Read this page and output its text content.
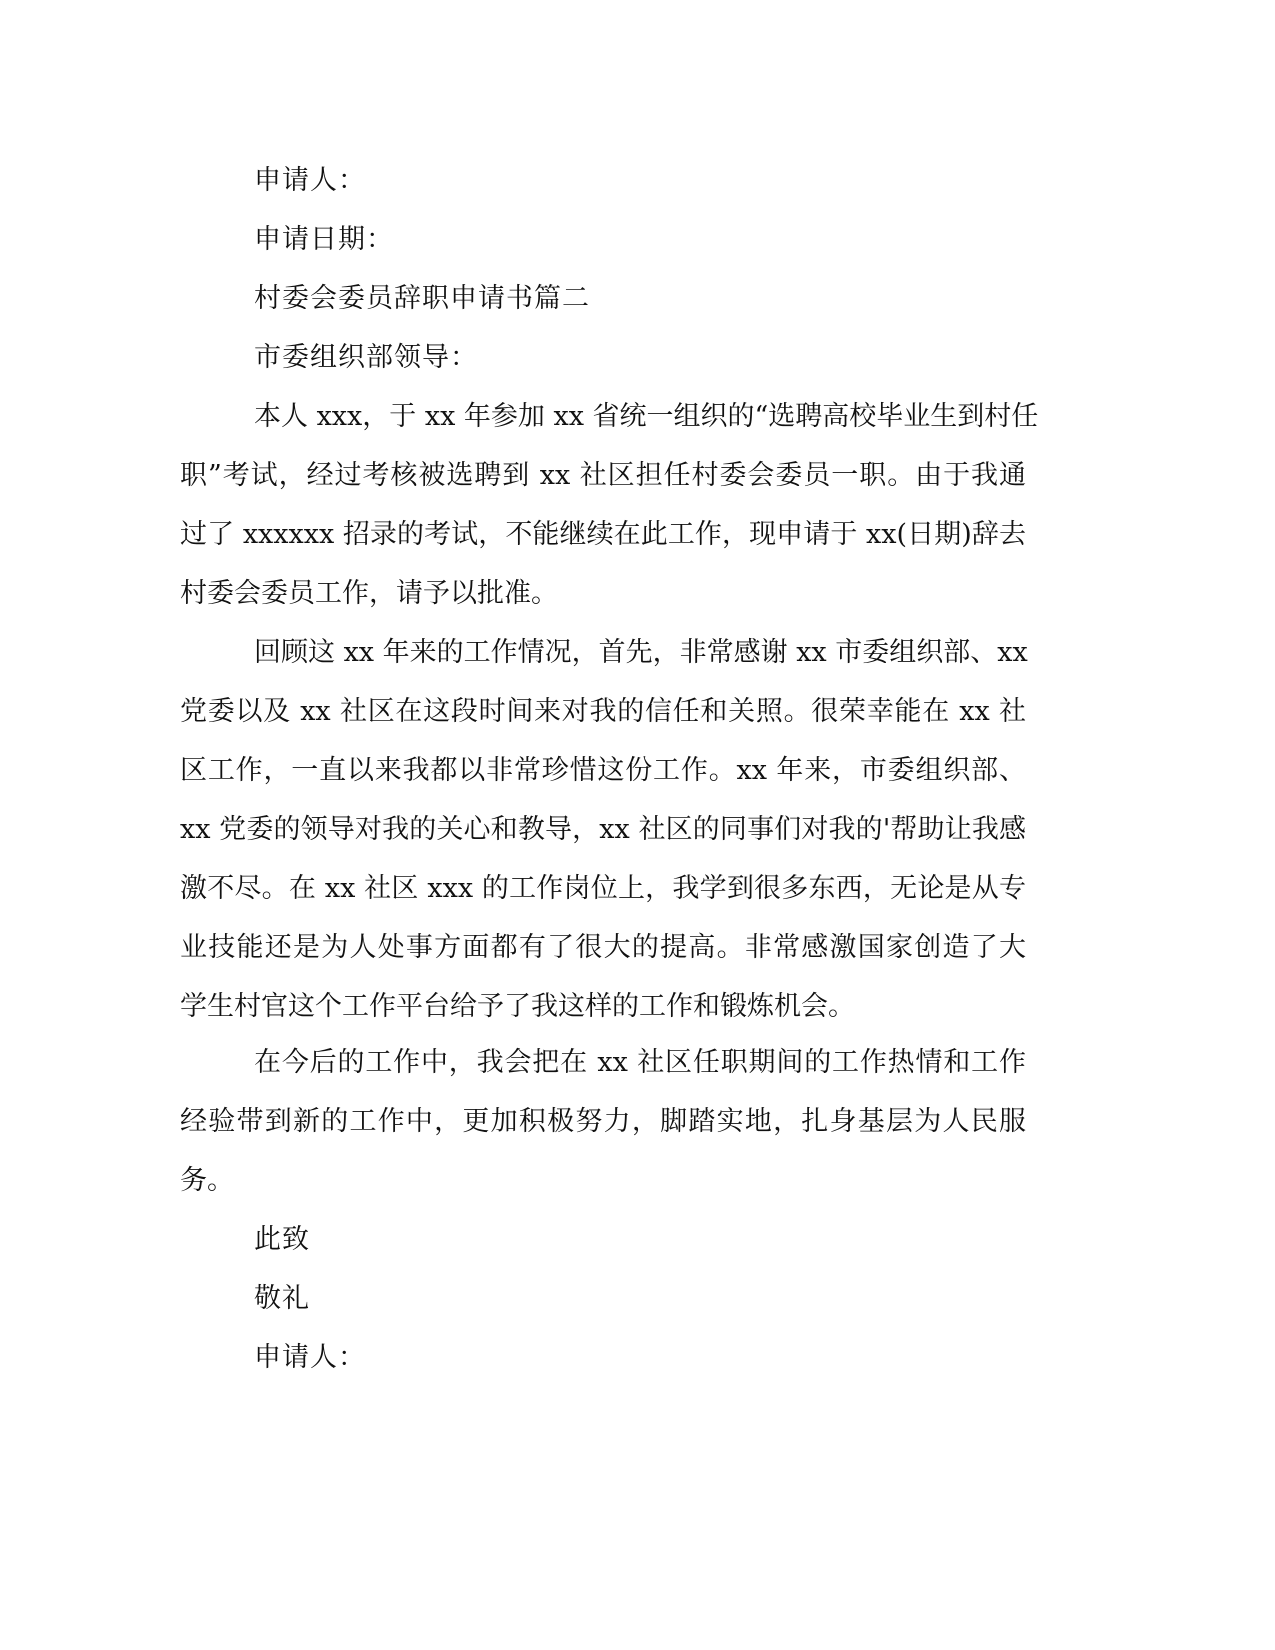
申请人：
申请日期：
村委会委员辞职申请书篇二
市委组织部领导：
本人 xxx，于 xx 年参加 xx 省统一组织的“选聘高校毕业生到村任
职”考试，经过考核被选聘到 xx 社区担任村委会委员一职。由于我通
过了 xxxxxx 招录的考试，不能继续在此工作，现申请于 xx(日期)辞去
村委会委员工作，请予以批准。
回顾这 xx 年来的工作情况，首先，非常感谢 xx 市委组织部、xx
党委以及 xx 社区在这段时间来对我的信任和关照。很荣幸能在 xx 社
区工作，一直以来我都以非常珍惜这份工作。xx 年来，市委组织部、
xx 党委的领导对我的关心和教导，xx 社区的同事们对我的'帮助让我感
激不尽。在 xx 社区 xxx 的工作岗位上，我学到很多东西，无论是从专
业技能还是为人处事方面都有了很大的提高。非常感激国家创造了大
学生村官这个工作平台给予了我这样的工作和锻炼机会。
在今后的工作中，我会把在 xx 社区任职期间的工作热情和工作
经验带到新的工作中，更加积极努力，脚踏实地，扎身基层为人民服
务。
此致
敬礼
申请人：
